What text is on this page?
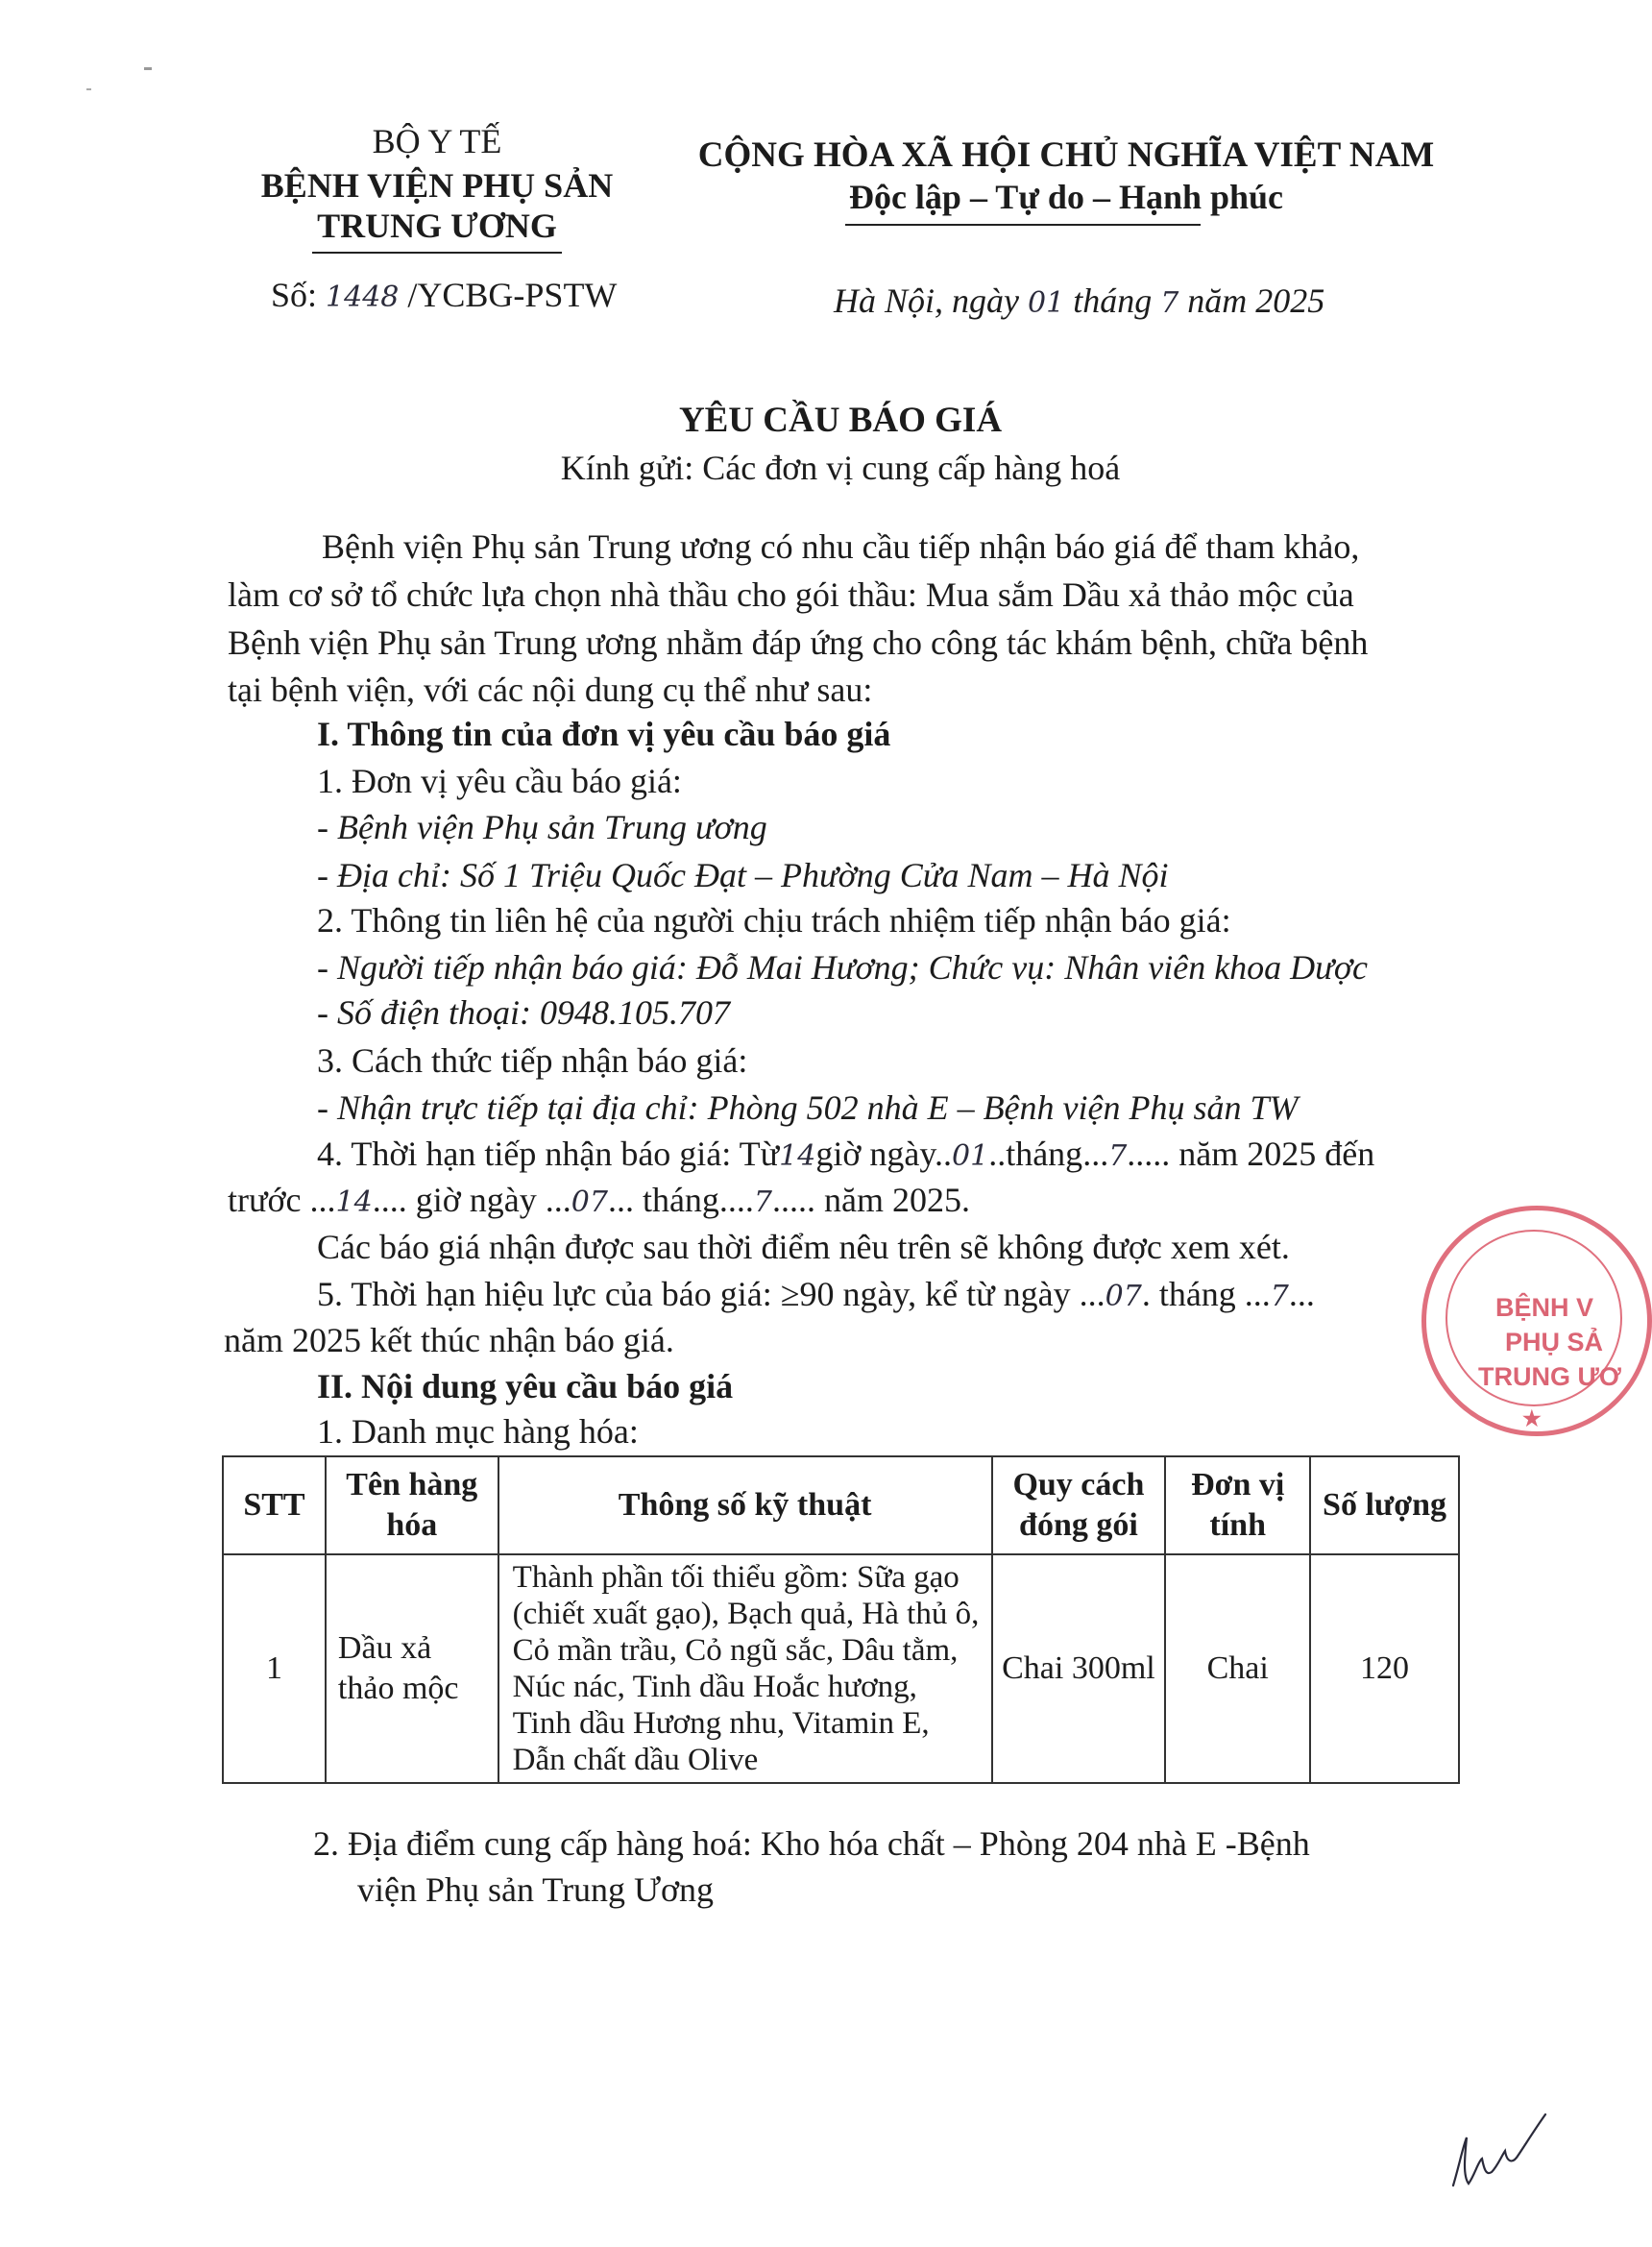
BỘ Y TẾ
BỆNH VIỆN PHỤ SẢN
TRUNG ƯƠNG
Số: 1448 /YCBG-PSTW
CỘNG HÒA XÃ HỘI CHỦ NGHĨA VIỆT NAM
Độc lập – Tự do – Hạnh phúc
Hà Nội, ngày 01 tháng 7 năm 2025
YÊU CẦU BÁO GIÁ
Kính gửi: Các đơn vị cung cấp hàng hoá
Bệnh viện Phụ sản Trung ương có nhu cầu tiếp nhận báo giá để tham khảo,
làm cơ sở tổ chức lựa chọn nhà thầu cho gói thầu: Mua sắm Dầu xả thảo mộc của
Bệnh viện Phụ sản Trung ương nhằm đáp ứng cho công tác khám bệnh, chữa bệnh
tại bệnh viện, với các nội dung cụ thể như sau:
I. Thông tin của đơn vị yêu cầu báo giá
1. Đơn vị yêu cầu báo giá:
- Bệnh viện Phụ sản Trung ương
- Địa chỉ: Số 1 Triệu Quốc Đạt – Phường Cửa Nam – Hà Nội
2. Thông tin liên hệ của người chịu trách nhiệm tiếp nhận báo giá:
- Người tiếp nhận báo giá: Đỗ Mai Hương; Chức vụ: Nhân viên khoa Dược
- Số điện thoại: 0948.105.707
3. Cách thức tiếp nhận báo giá:
- Nhận trực tiếp tại địa chỉ: Phòng 502 nhà E – Bệnh viện Phụ sản TW
4. Thời hạn tiếp nhận báo giá: Từ14giờ ngày..01..tháng...7..... năm 2025 đến
trước ...14.... giờ ngày ...07... tháng....7..... năm 2025.
Các báo giá nhận được sau thời điểm nêu trên sẽ không được xem xét.
5. Thời hạn hiệu lực của báo giá: ≥90 ngày, kể từ ngày ...07. tháng ...7...
năm 2025 kết thúc nhận báo giá.
II. Nội dung yêu cầu báo giá
1. Danh mục hàng hóa:
STT	Tên hàng hóa	Thông số kỹ thuật	Quy cách đóng gói	Đơn vị tính	Số lượng
1	Dầu xả thảo mộc	Thành phần tối thiểu gồm: Sữa gạo (chiết xuất gạo), Bạch quả, Hà thủ ô, Cỏ mần trầu, Cỏ ngũ sắc, Dâu tằm, Núc nác, Tinh dầu Hoắc hương, Tinh dầu Hương nhu, Vitamin E, Dẫn chất dầu Olive	Chai 300ml	Chai	120
2. Địa điểm cung cấp hàng hoá: Kho hóa chất – Phòng 204 nhà E -Bệnh
viện Phụ sản Trung Ương
BỆNH V
PHỤ SẢ
TRUNG ƯƠ
★
